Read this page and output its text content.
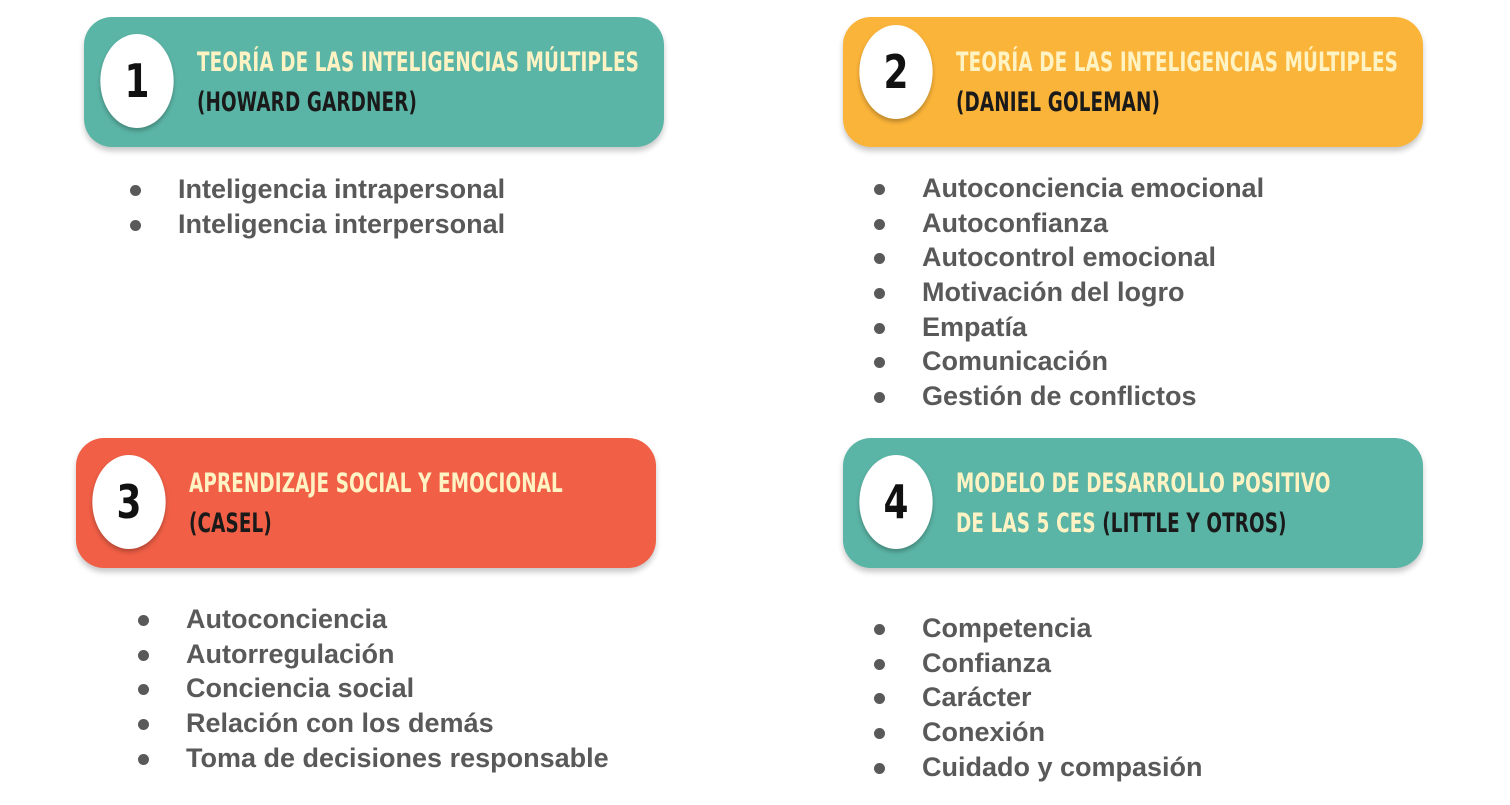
1 TEORÍA DE LAS INTELIGENCIAS MÚLTIPLES
(HOWARD GARDNER)
Inteligencia intrapersonal
Inteligencia interpersonal
2 TEORÍA DE LAS INTELIGENCIAS MÚLTIPLES
(DANIEL GOLEMAN)
Autoconciencia emocional
Autoconfianza
Autocontrol emocional
Motivación del logro
Empatía
Comunicación
Gestión de conflictos
3 APRENDIZAJE SOCIAL Y EMOCIONAL
(CASEL)
Autoconciencia
Autorregulación
Conciencia social
Relación con los demás
Toma de decisiones responsable
4 MODELO DE DESARROLLO POSITIVO
DE LAS 5 CES (LITTLE Y OTROS)
Competencia
Confianza
Carácter
Conexión
Cuidado y compasión
